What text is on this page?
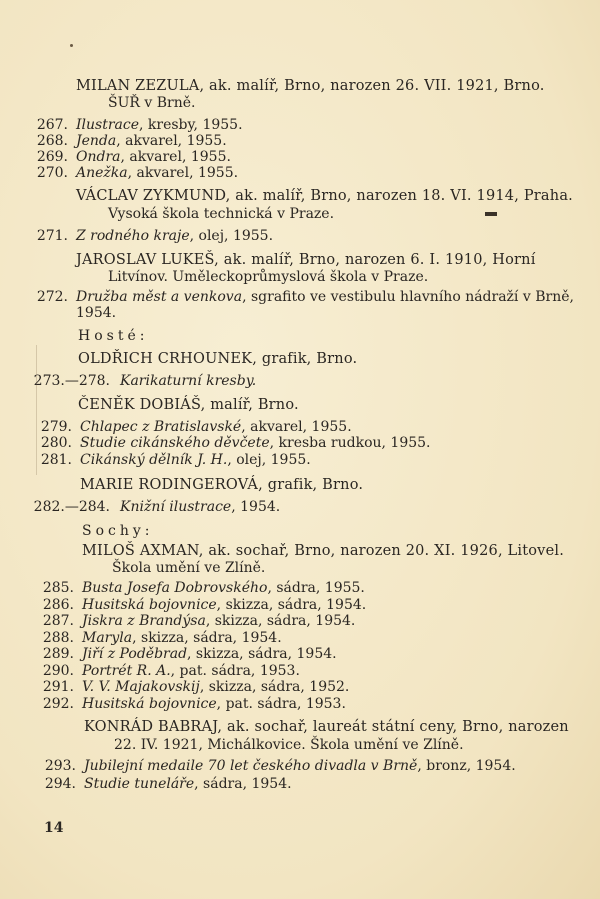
MILAN ZEZULA, ak. malíř, Brno, narozen 26. VII. 1921, Brno.
ŠUŘ v Brně.
267. Ilustrace, kresby, 1955.
268. Jenda, akvarel, 1955.
269. Ondra, akvarel, 1955.
270. Anežka, akvarel, 1955.
VÁCLAV ZYKMUND, ak. malíř, Brno, narozen 18. VI. 1914, Praha.
Vysoká škola technická v Praze.
271. Z rodného kraje, olej, 1955.
JAROSLAV LUKEŠ, ak. malíř, Brno, narozen 6. I. 1910, Horní
Litvínov. Uměleckoprůmyslová škola v Praze.
272. Družba měst a venkova, sgrafito ve vestibulu hlavního nádraží v Brně,
1954.
Hosté:
OLDŘICH CRHOUNEK, grafik, Brno.
273.—278. Karikaturní kresby.
ČENĚK DOBIÁŠ, malíř, Brno.
279. Chlapec z Bratislavské, akvarel, 1955.
280. Studie cikánského děvčete, kresba rudkou, 1955.
281. Cikánský dělník J. H., olej, 1955.
MARIE RODINGEROVÁ, grafik, Brno.
282.—284. Knižní ilustrace, 1954.
Sochy:
MILOŠ AXMAN, ak. sochař, Brno, narozen 20. XI. 1926, Litovel.
Škola umění ve Zlíně.
285. Busta Josefa Dobrovského, sádra, 1955.
286. Husitská bojovnice, skizza, sádra, 1954.
287. Jiskra z Brandýsa, skizza, sádra, 1954.
288. Maryla, skizza, sádra, 1954.
289. Jiří z Poděbrad, skizza, sádra, 1954.
290. Portrét R. A., pat. sádra, 1953.
291. V. V. Majakovskij, skizza, sádra, 1952.
292. Husitská bojovnice, pat. sádra, 1953.
KONRÁD BABRAJ, ak. sochař, laureát státní ceny, Brno, narozen
22. IV. 1921, Michálkovice. Škola umění ve Zlíně.
293. Jubilejní medaile 70 let českého divadla v Brně, bronz, 1954.
294. Studie tuneláře, sádra, 1954.
14
